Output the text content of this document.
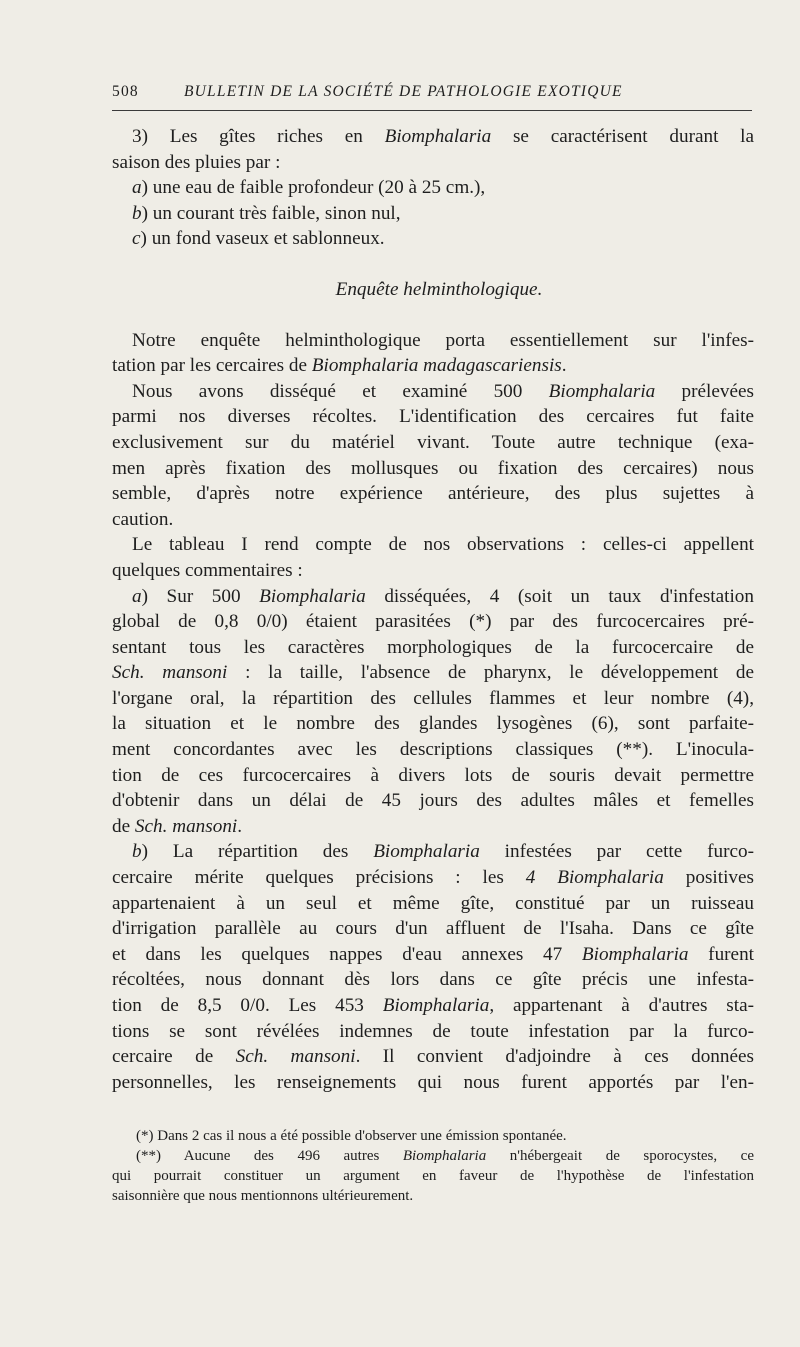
508	BULLETIN DE LA SOCIÉTÉ DE PATHOLOGIE EXOTIQUE
3) Les gîtes riches en Biomphalaria se caractérisent durant la
saison des pluies par :
a) une eau de faible profondeur (20 à 25 cm.),
b) un courant très faible, sinon nul,
c) un fond vaseux et sablonneux.
Enquête helminthologique.
Notre enquête helminthologique porta essentiellement sur l'infes-
tation par les cercaires de Biomphalaria madagascariensis.
Nous avons disséqué et examiné 500 Biomphalaria prélevées
parmi nos diverses récoltes. L'identification des cercaires fut faite
exclusivement sur du matériel vivant. Toute autre technique (exa-
men après fixation des mollusques ou fixation des cercaires) nous
semble, d'après notre expérience antérieure, des plus sujettes à
caution.
Le tableau I rend compte de nos observations : celles-ci appellent
quelques commentaires :
a) Sur 500 Biomphalaria disséquées, 4 (soit un taux d'infestation
global de 0,8 0/0) étaient parasitées (*) par des furcocercaires pré-
sentant tous les caractères morphologiques de la furcocercaire de
Sch. mansoni : la taille, l'absence de pharynx, le développement de
l'organe oral, la répartition des cellules flammes et leur nombre (4),
la situation et le nombre des glandes lysogènes (6), sont parfaite-
ment concordantes avec les descriptions classiques (**). L'inocula-
tion de ces furcocercaires à divers lots de souris devait permettre
d'obtenir dans un délai de 45 jours des adultes mâles et femelles
de Sch. mansoni.
b) La répartition des Biomphalaria infestées par cette furco-
cercaire mérite quelques précisions : les 4 Biomphalaria positives
appartenaient à un seul et même gîte, constitué par un ruisseau
d'irrigation parallèle au cours d'un affluent de l'Isaha. Dans ce gîte
et dans les quelques nappes d'eau annexes 47 Biomphalaria furent
récoltées, nous donnant dès lors dans ce gîte précis une infesta-
tion de 8,5 0/0. Les 453 Biomphalaria, appartenant à d'autres sta-
tions se sont révélées indemnes de toute infestation par la furco-
cercaire de Sch. mansoni. Il convient d'adjoindre à ces données
personnelles, les renseignements qui nous furent apportés par l'en-
(*) Dans 2 cas il nous a été possible d'observer une émission spontanée.
(**) Aucune des 496 autres Biomphalaria n'hébergeait de sporocystes, ce
qui pourrait constituer un argument en faveur de l'hypothèse de l'infestation
saisonnière que nous mentionnons ultérieurement.
